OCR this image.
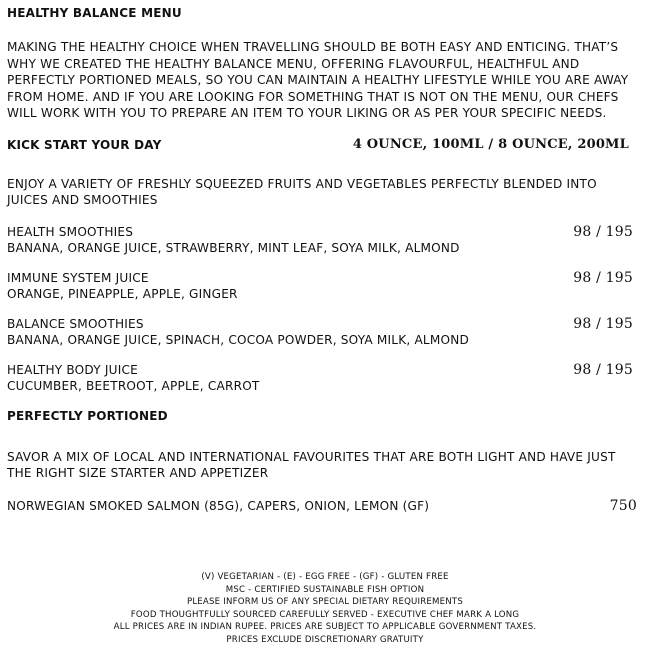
HEALTHY BALANCE MENU
MAKING THE HEALTHY CHOICE WHEN TRAVELLING SHOULD BE BOTH EASY AND ENTICING. THAT’S WHY WE CREATED THE HEALTHY BALANCE MENU, OFFERING FLAVOURFUL, HEALTHFUL AND PERFECTLY PORTIONED MEALS, SO YOU CAN MAINTAIN A HEALTHY LIFESTYLE WHILE YOU ARE AWAY FROM HOME. AND IF YOU ARE LOOKING FOR SOMETHING THAT IS NOT ON THE MENU, OUR CHEFS WILL WORK WITH YOU TO PREPARE AN ITEM TO YOUR LIKING OR AS PER YOUR SPECIFIC NEEDS.
KICK START YOUR DAY	4 OUNCE, 100ML / 8 OUNCE, 200ML
ENJOY A VARIETY OF FRESHLY SQUEEZED FRUITS AND VEGETABLES PERFECTLY BLENDED INTO JUICES AND SMOOTHIES
HEALTH SMOOTHIES	98 / 195
BANANA, ORANGE JUICE, STRAWBERRY, MINT LEAF, SOYA MILK, ALMOND
IMMUNE SYSTEM JUICE	98 / 195
ORANGE, PINEAPPLE, APPLE, GINGER
BALANCE SMOOTHIES	98 / 195
BANANA, ORANGE JUICE, SPINACH, COCOA POWDER, SOYA MILK, ALMOND
HEALTHY BODY JUICE	98 / 195
CUCUMBER, BEETROOT, APPLE, CARROT
PERFECTLY PORTIONED
SAVOR A MIX OF LOCAL AND INTERNATIONAL FAVOURITES THAT ARE BOTH LIGHT AND HAVE JUST THE RIGHT SIZE STARTER AND APPETIZER
NORWEGIAN SMOKED SALMON (85G), CAPERS, ONION, LEMON (GF)	750
(V) VEGETARIAN - (E) - EGG FREE - (GF) - GLUTEN FREE
MSC - CERTIFIED SUSTAINABLE FISH OPTION
PLEASE INFORM US OF ANY SPECIAL DIETARY REQUIREMENTS
FOOD THOUGHTFULLY SOURCED CAREFULLY SERVED - EXECUTIVE CHEF MARK A LONG
ALL PRICES ARE IN INDIAN RUPEE. PRICES ARE SUBJECT TO APPLICABLE GOVERNMENT TAXES.
PRICES EXCLUDE DISCRETIONARY GRATUITY
